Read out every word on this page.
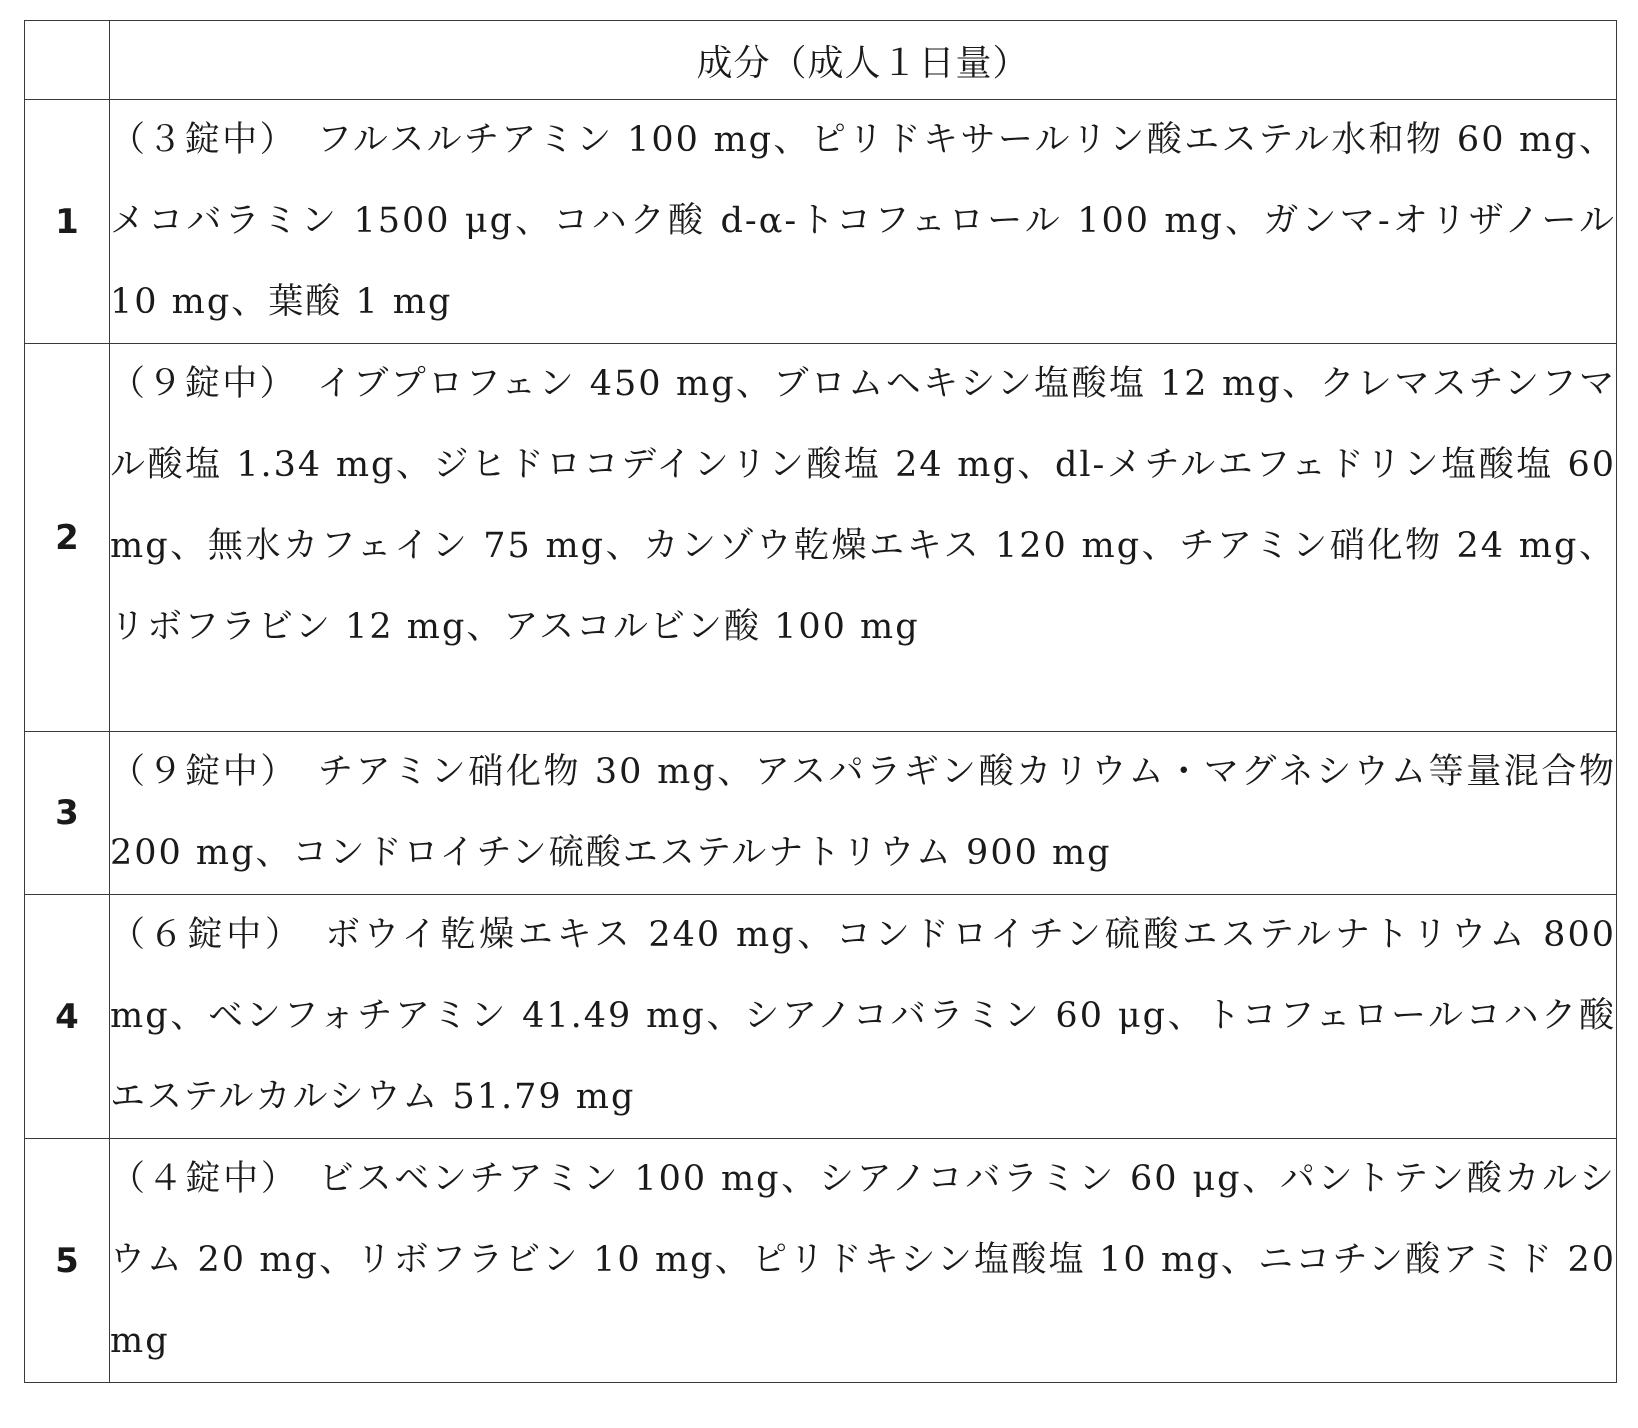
	成分（成人１日量）
1	（３錠中） フルスルチアミン 100 mg、ピリドキサールリン酸エステル水和物 60 mg、メコバラミン 1500 μg、コハク酸 d-α-トコフェロール 100 mg、ガンマ-オリザノール 10 mg、葉酸 1 mg
2	（９錠中） イブプロフェン 450 mg、ブロムヘキシン塩酸塩 12 mg、クレマスチンフマル酸塩 1.34 mg、ジヒドロコデインリン酸塩 24 mg、dl-メチルエフェドリン塩酸塩 60 mg、無水カフェイン 75 mg、カンゾウ乾燥エキス 120 mg、チアミン硝化物 24 mg、リボフラビン 12 mg、アスコルビン酸 100 mg
3	（９錠中） チアミン硝化物 30 mg、アスパラギン酸カリウム・マグネシウム等量混合物 200 mg、コンドロイチン硫酸エステルナトリウム 900 mg
4	（６錠中） ボウイ乾燥エキス 240 mg、コンドロイチン硫酸エステルナトリウム 800 mg、ベンフォチアミン 41.49 mg、シアノコバラミン 60 μg、トコフェロールコハク酸エステルカルシウム 51.79 mg
5	（４錠中） ビスベンチアミン 100 mg、シアノコバラミン 60 μg、パントテン酸カルシウム 20 mg、リボフラビン 10 mg、ピリドキシン塩酸塩 10 mg、ニコチン酸アミド 20 mg
